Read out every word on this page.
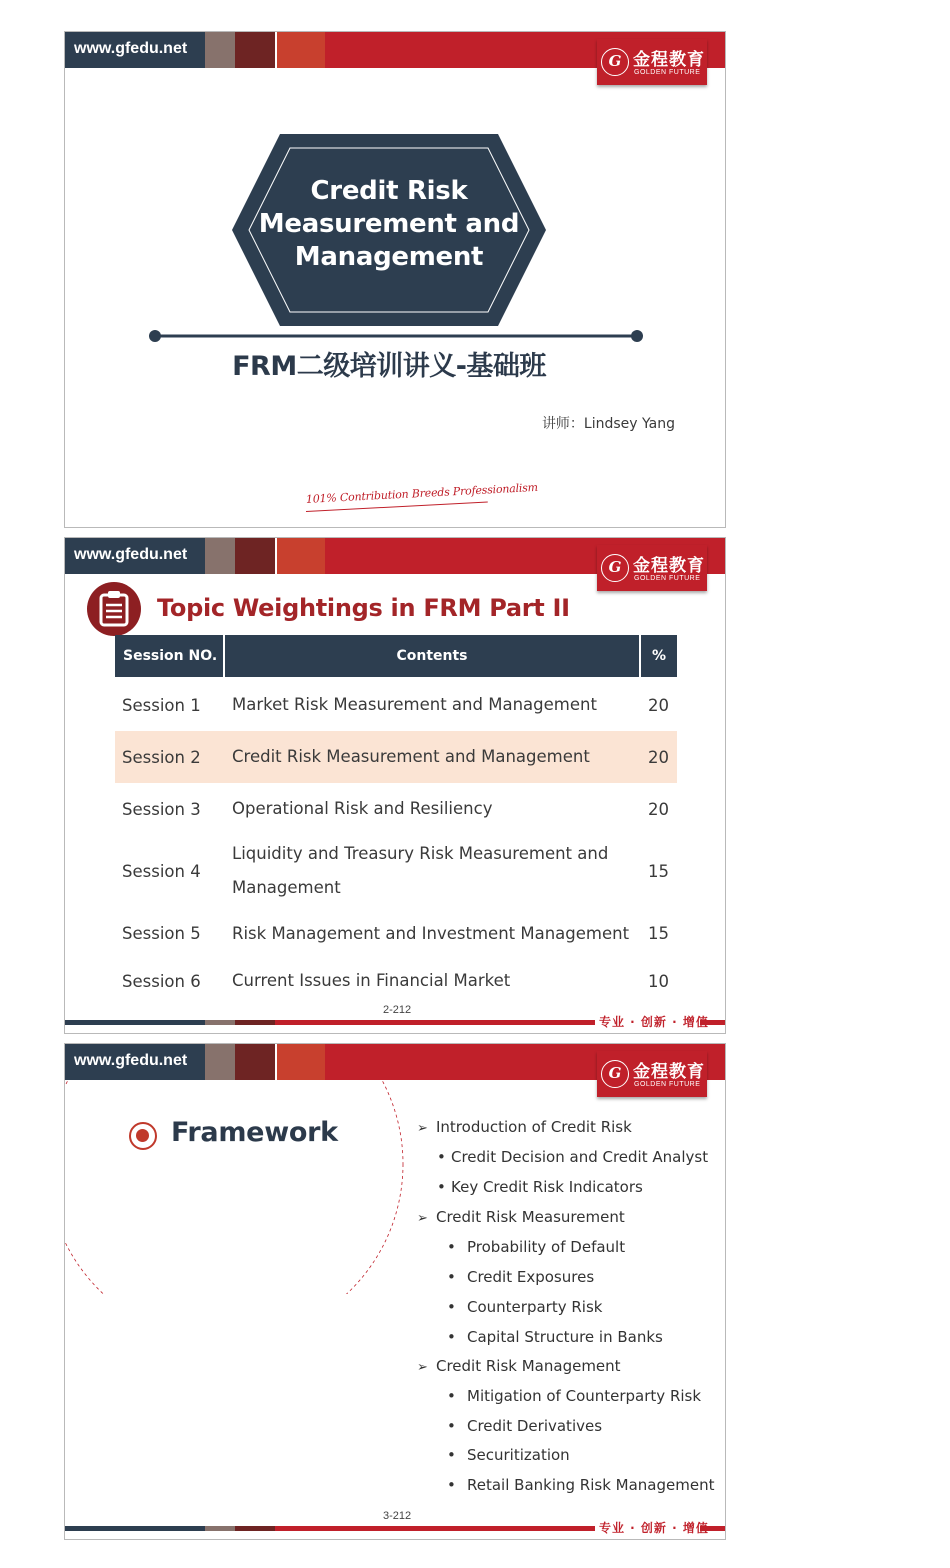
www.gfedu.net
G 金程教育
GOLDEN FUTURE
Credit Risk
Measurement and
Management
FRM二级培训讲义-基础班
讲师：Lindsey Yang
101% Contribution Breeds Professionalism
www.gfedu.net
G 金程教育
GOLDEN FUTURE
Topic Weightings in FRM Part II
Session NO.	Contents	%
Session 1	Market Risk Measurement and Management	20
Session 2	Credit Risk Measurement and Management	20
Session 3	Operational Risk and Resiliency	20
Session 4	Liquidity and Treasury Risk Measurement and Management	15
Session 5	Risk Management and Investment Management	15
Session 6	Current Issues in Financial Market	10
2-212
专业 · 创新 · 增值
www.gfedu.net
G 金程教育
GOLDEN FUTURE
Framework	➢ Introduction of Credit Risk
• Credit Decision and Credit Analyst
• Key Credit Risk Indicators
➢ Credit Risk Measurement
• Probability of Default
• Credit Exposures
• Counterparty Risk
• Capital Structure in Banks
➢ Credit Risk Management
• Mitigation of Counterparty Risk
• Credit Derivatives
• Securitization
• Retail Banking Risk Management
3-212
专业 · 创新 · 增值
